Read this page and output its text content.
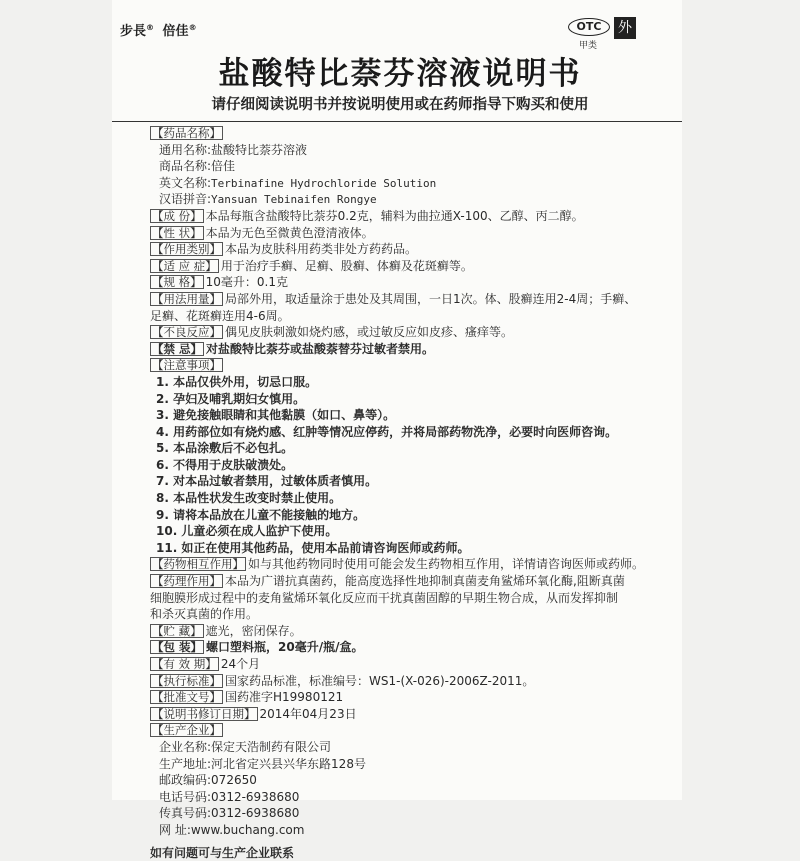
步長® 倍佳®	OTC
甲类
外
盐酸特比萘芬溶液说明书
请仔细阅读说明书并按说明使用或在药师指导下购买和使用
【药品名称】
通用名称:盐酸特比萘芬溶液
商品名称:倍佳
英文名称:Terbinafine Hydrochloride Solution
汉语拼音:Yansuan Tebinaifen Rongye
【成 份】 本品每瓶含盐酸特比萘芬0.2克，辅料为曲拉通X-100、乙醇、丙二醇。
【性 状】 本品为无色至微黄色澄清液体。
【作用类别】 本品为皮肤科用药类非处方药药品。
【适 应 症】 用于治疗手癣、足癣、股癣、体癣及花斑癣等。
【规 格】 10毫升：0.1克
【用法用量】 局部外用，取适量涂于患处及其周围，一日1次。体、股癣连用2-4周；手癣、
足癣、花斑癣连用4-6周。
【不良反应】 偶见皮肤刺激如烧灼感，或过敏反应如皮疹、瘙痒等。
【禁 忌】 对盐酸特比萘芬或盐酸萘替芬过敏者禁用。
【注意事项】
1. 本品仅供外用，切忌口服。
2. 孕妇及哺乳期妇女慎用。
3. 避免接触眼睛和其他黏膜（如口、鼻等）。
4. 用药部位如有烧灼感、红肿等情况应停药，并将局部药物洗净，必要时向医师咨询。
5. 本品涂敷后不必包扎。
6. 不得用于皮肤破溃处。
7. 对本品过敏者禁用，过敏体质者慎用。
8. 本品性状发生改变时禁止使用。
9. 请将本品放在儿童不能接触的地方。
10. 儿童必须在成人监护下使用。
11. 如正在使用其他药品，使用本品前请咨询医师或药师。
【药物相互作用】 如与其他药物同时使用可能会发生药物相互作用，详情请咨询医师或药师。
【药理作用】 本品为广谱抗真菌药，能高度选择性地抑制真菌麦角鲨烯环氧化酶,阻断真菌
细胞膜形成过程中的麦角鲨烯环氧化反应而干扰真菌固醇的早期生物合成，从而发挥抑制
和杀灭真菌的作用。
【贮 藏】 遮光，密闭保存。
【包 装】 螺口塑料瓶，20毫升/瓶/盒。
【有 效 期】 24个月
【执行标准】 国家药品标准，标准编号：WS1-(X-026)-2006Z-2011。
【批准文号】 国药准字H19980121
【说明书修订日期】 2014年04月23日
【生产企业】
企业名称:保定天浩制药有限公司
生产地址:河北省定兴县兴华东路128号
邮政编码:072650
电话号码:0312-6938680
传真号码:0312-6938680
网 址:www.buchang.com
如有问题可与生产企业联系
